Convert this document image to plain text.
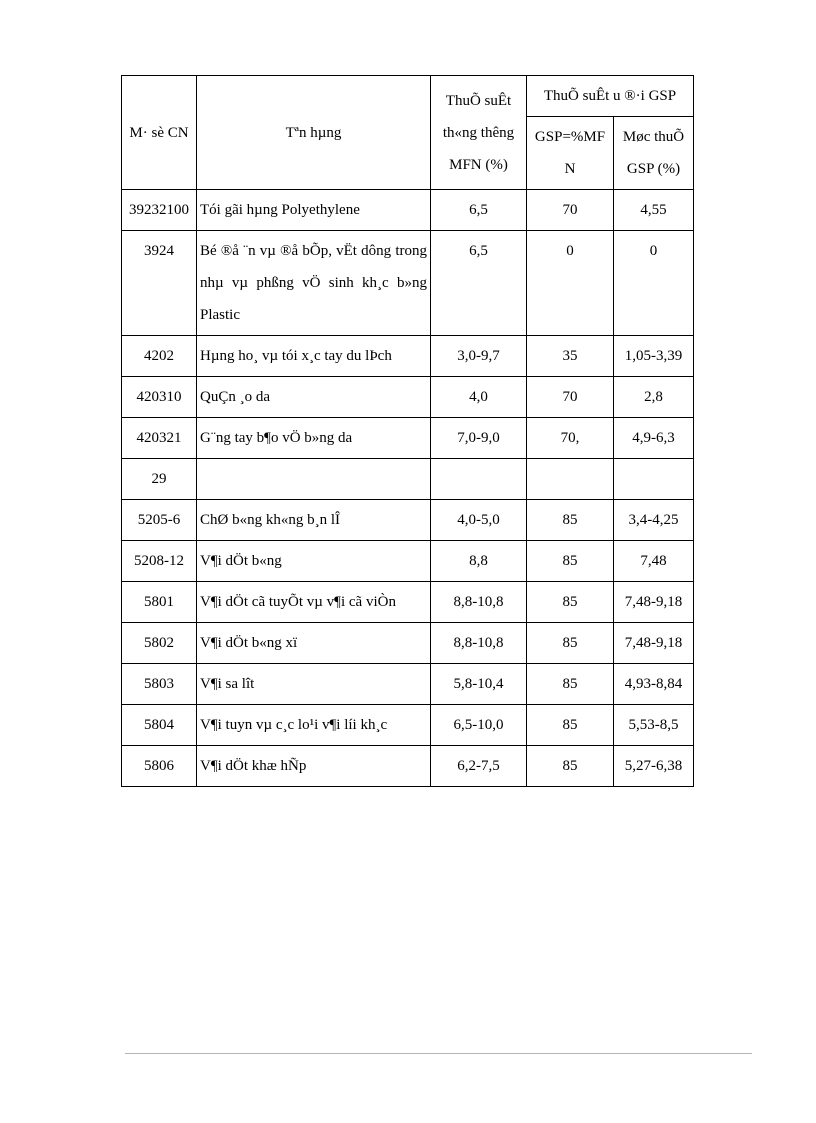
M· sè CN	Tªn hµng	ThuÕ suÊt th«ng thêng MFN (%)	ThuÕ suÊt u ®·i GSP	

			GSP=%MFN	Møc thuÕ GSP (%)

39232100	Tói gãi hµng Polyethylene	6,5	70	4,55

3924	Bé ®å ¨n vµ ®å bÕp, vËt dông trong nhµ vµ phßng vÖ sinh kh¸c b»ng Plastic	6,5	0	0

4202	Hµng ho¸ vµ tói x¸c tay du lÞch	3,0-9,7	35	1,05-3,39

420310	QuÇn ¸o da	4,0	70	2,8

420321	G¨ng tay b¶o vÖ b»ng da	7,0-9,0	70,	4,9-6,3

29				

5205-6	ChØ b«ng kh«ng b¸n lÎ	4,0-5,0	85	3,4-4,25

5208-12	V¶i dÖt b«ng	8,8	85	7,48

5801	V¶i dÖt cã tuyÕt vµ v¶i cã viÒn	8,8-10,8	85	7,48-9,18

5802	V¶i dÖt b«ng xï	8,8-10,8	85	7,48-9,18

5803	V¶i sa lît	5,8-10,4	85	4,93-8,84

5804	V¶i tuyn vµ c¸c lo¹i v¶i líi kh¸c	6,5-10,0	85	5,53-8,5

5806	V¶i dÖt khæ hÑp	6,2-7,5	85	5,27-6,38
